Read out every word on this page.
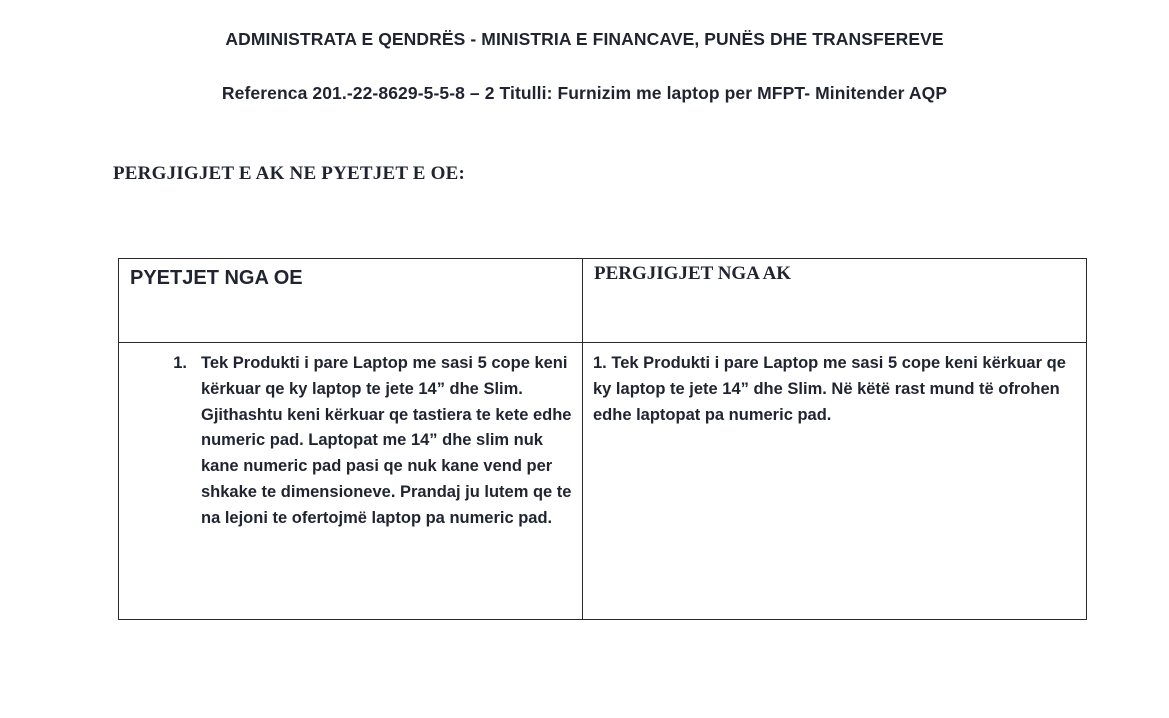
ADMINISTRATA E QENDRËS - MINISTRIA E FINANCAVE, PUNËS DHE TRANSFEREVE
Referenca 201.-22-8629-5-5-8 – 2 Titulli: Furnizim me laptop per MFPT- Minitender AQP
PERGJIGJET E AK NE PYETJET E OE:
PYETJET NGA OE	PERGJIGJET NGA AK

1. Tek Produkti i pare Laptop me sasi 5 cope keni kërkuar qe ky laptop te jete 14” dhe Slim. Gjithashtu keni kërkuar qe tastiera te kete edhe numeric pad. Laptopat me 14” dhe slim nuk kane numeric pad pasi qe nuk kane vend per shkake te dimensioneve. Prandaj ju lutem qe te na lejoni te ofertojmë laptop pa numeric pad.	1. Tek Produkti i pare Laptop me sasi 5 cope keni kërkuar qe ky laptop te jete 14” dhe Slim. Në këtë rast mund të ofrohen edhe laptopat pa numeric pad.
